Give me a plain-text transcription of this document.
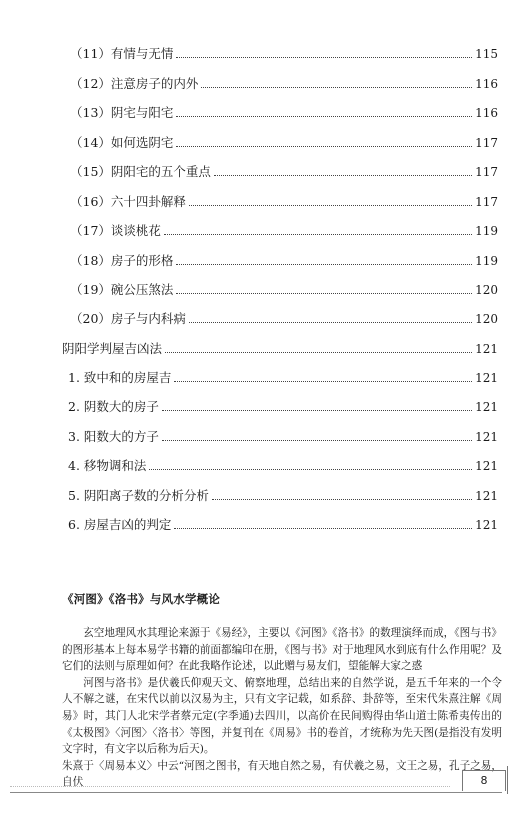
（11）有情与无情	115
（12）注意房子的内外	116
（13）阴宅与阳宅	116
（14）如何选阴宅	117
（15）阴阳宅的五个重点	117
（16）六十四卦解释	117
（17）谈谈桃花	119
（18）房子的形格	119
（19）碗公压煞法	120
（20）房子与内科病	120
阴阳学判屋吉凶法	121
1. 致中和的房屋吉	121
2. 阴数大的房子	121
3. 阳数大的方子	121
4. 移物调和法	121
5. 阴阳离子数的分析分析	121
6. 房屋吉凶的判定	121
《河图》《洛书》与风水学概论

玄空地理风水其理论来源于《易经》，主要以《河图》《洛书》的数理演绎而成，《图与书》的图形基本上每本易学书籍的前面都编印在册，《图与书》对于地理风水到底有什么作用呢？及它们的法则与原理如何？在此我略作论述，以此赠与易友们，望能解大家之惑

河图与洛书》是伏羲氏仰观天文、俯察地理，总结出来的自然学说，是五千年来的一个令人不解之谜，在宋代以前以汉易为主，只有文字记载，如系辞、卦辞等，至宋代朱熹注解《周易》时，其门人北宋学者蔡元定(字季通)去四川，以高价在民间购得由华山道士陈希夷传出的《太极图》〈河图〉〈洛书〉等图，并复刊在《周易》书的卷首，才统称为先天图(是指没有发明文字时，有文字以后称为后天)。

朱熹于〈周易本义〉中云“河图之图书，有天地自然之易，有伏羲之易，文王之易，孔子之易，自伏	8
